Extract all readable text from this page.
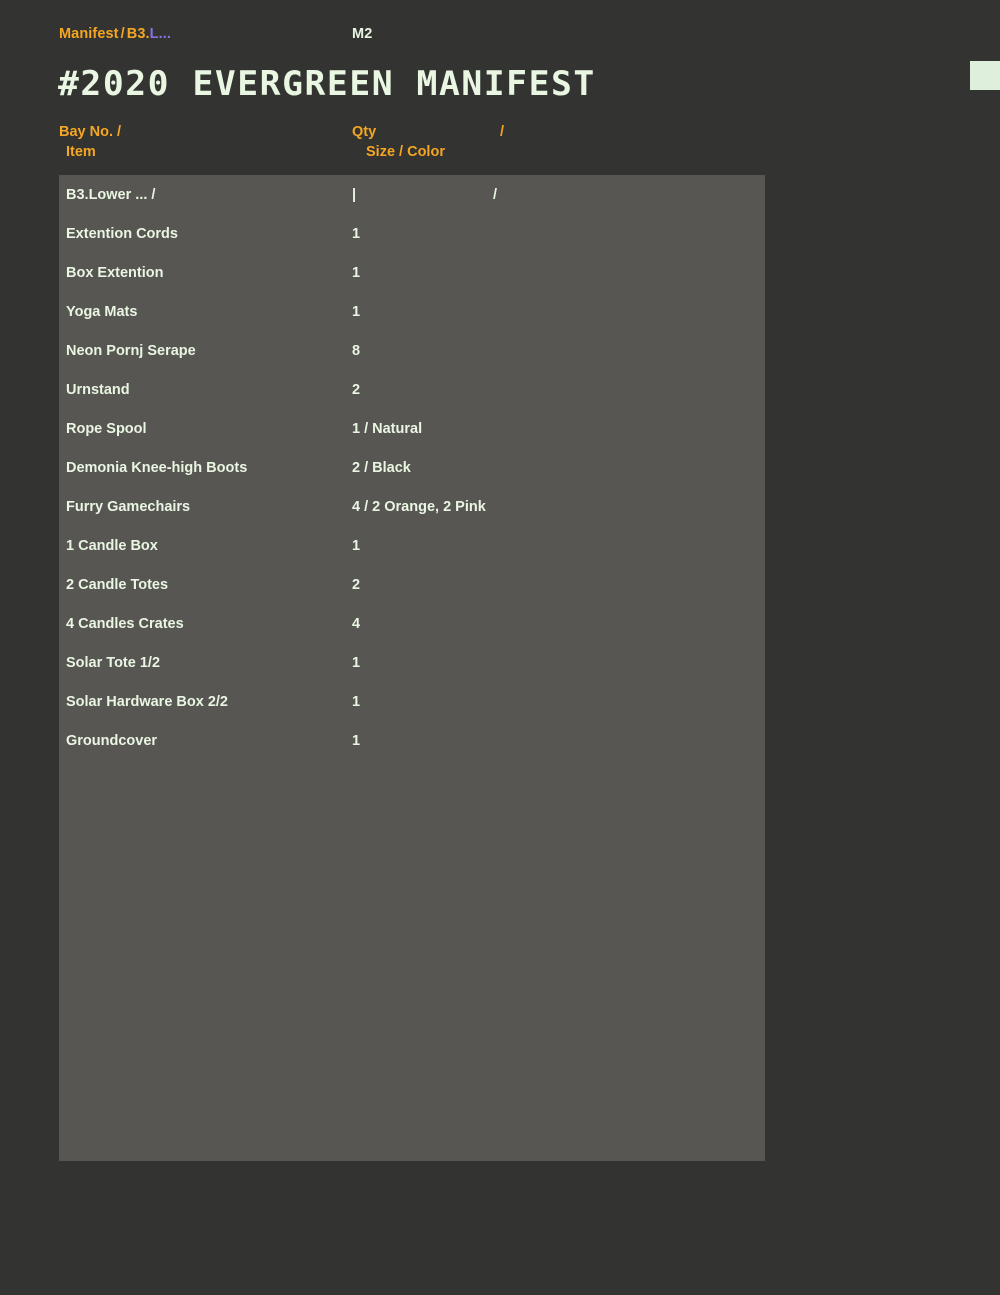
Manifest / B3.L...	M2
#2020 EVERGREEN MANIFEST
Bay No. /
Item
Qty	/
Size / Color
B3.Lower ... /	|	/
Extention Cords	1
Box Extention	1
Yoga Mats	1
Neon Pornj Serape	8
Urnstand	2
Rope Spool	1 / Natural
Demonia Knee-high Boots	2 / Black
Furry Gamechairs	4 / 2 Orange, 2 Pink
1 Candle Box	1
2 Candle Totes	2
4 Candles Crates	4
Solar Tote 1/2	1
Solar Hardware Box 2/2	1
Groundcover	1
